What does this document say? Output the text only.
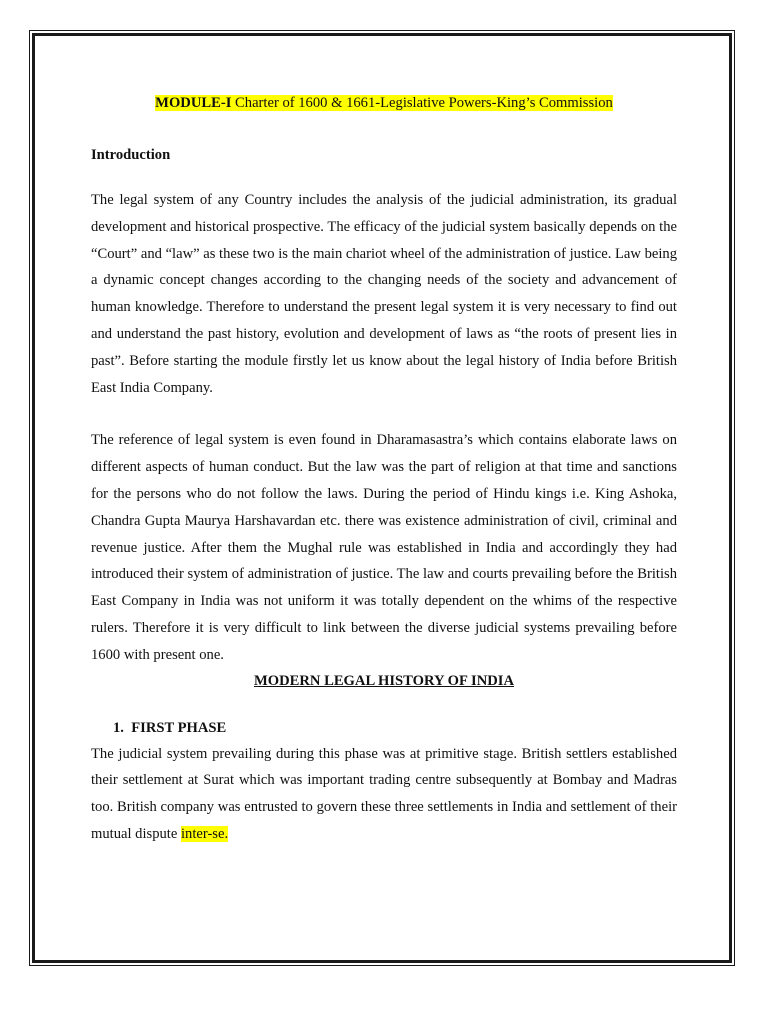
MODULE-I Charter of 1600 & 1661-Legislative Powers-King’s Commission

Introduction

The legal system of any Country includes the analysis of the judicial administration, its gradual development and historical prospective. The efficacy of the judicial system basically depends on the “Court” and “law” as these two is the main chariot wheel of the administration of justice. Law being a dynamic concept changes according to the changing needs of the society and advancement of human knowledge. Therefore to understand the present legal system it is very necessary to find out and understand the past history, evolution and development of laws as “the roots of present lies in past”. Before starting the module firstly let us know about the legal history of India before British East India Company.

The reference of legal system is even found in Dharamasastra’s which contains elaborate laws on different aspects of human conduct. But the law was the part of religion at that time and sanctions for the persons who do not follow the laws. During the period of Hindu kings i.e. King Ashoka, Chandra Gupta Maurya Harshavardan etc. there was existence administration of civil, criminal and revenue justice. After them the Mughal rule was established in India and accordingly they had introduced their system of administration of justice. The law and courts prevailing before the British East Company in India was not uniform it was totally dependent on the whims of the respective rulers. Therefore it is very difficult to link between the diverse judicial systems prevailing before 1600 with present one.

MODERN LEGAL HISTORY OF INDIA

1. FIRST PHASE

The judicial system prevailing during this phase was at primitive stage. British settlers established their settlement at Surat which was important trading centre subsequently at Bombay and Madras too. British company was entrusted to govern these three settlements in India and settlement of their mutual dispute inter-se.
